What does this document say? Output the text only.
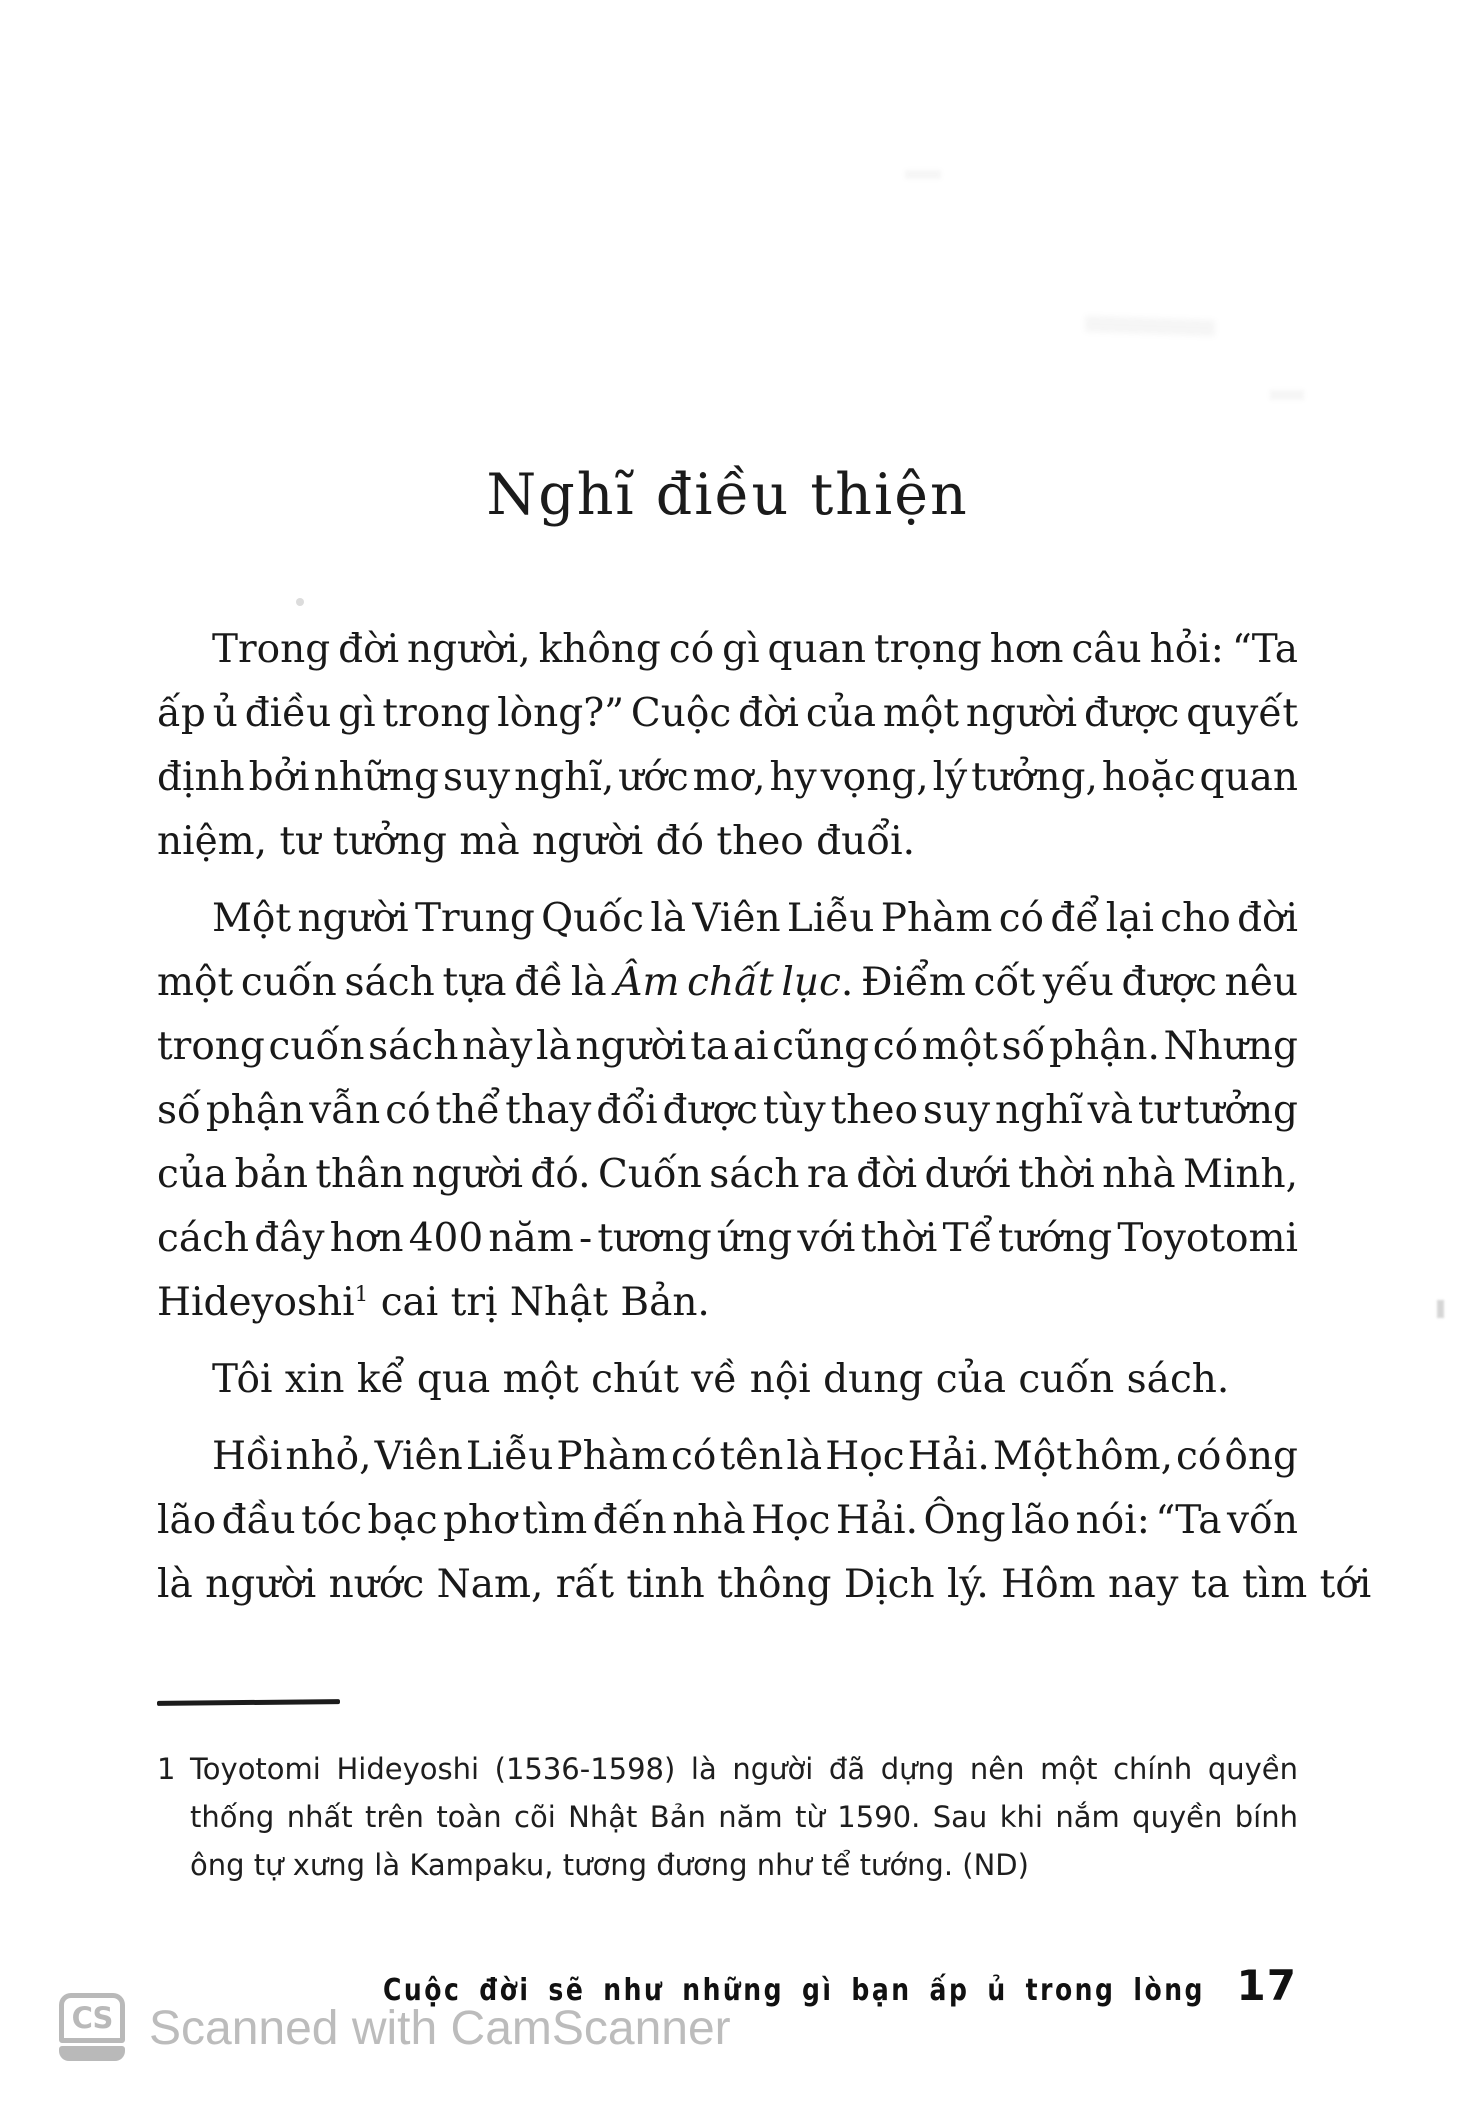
Nghĩ điều thiện
Trong đời người, không có gì quan trọng hơn câu hỏi: “Ta
ấp ủ điều gì trong lòng?” Cuộc đời của một người được quyết
định bởi những suy nghĩ, ước mơ, hy vọng, lý tưởng, hoặc quan
niệm, tư tưởng mà người đó theo đuổi.
Một người Trung Quốc là Viên Liễu Phàm có để lại cho đời
một cuốn sách tựa đề là Âm chất lục. Điểm cốt yếu được nêu
trong cuốn sách này là người ta ai cũng có một số phận. Nhưng
số phận vẫn có thể thay đổi được tùy theo suy nghĩ và tư tưởng
của bản thân người đó. Cuốn sách ra đời dưới thời nhà Minh,
cách đây hơn 400 năm - tương ứng với thời Tể tướng Toyotomi
Hideyoshi$^1$ cai trị Nhật Bản.
Tôi xin kể qua một chút về nội dung của cuốn sách.
Hồi nhỏ, Viên Liễu Phàm có tên là Học Hải. Một hôm, có ông
lão đầu tóc bạc phơ tìm đến nhà Học Hải. Ông lão nói: “Ta vốn
là người nước Nam, rất tinh thông Dịch lý. Hôm nay ta tìm tới
1 Toyotomi Hideyoshi (1536-1598) là người đã dựng nên một chính quyền
thống nhất trên toàn cõi Nhật Bản năm từ 1590. Sau khi nắm quyền bính
ông tự xưng là Kampaku, tương đương như tể tướng. (ND)
Cuộc đời sẽ như những gì bạn ấp ủ trong lòng 17
CS Scanned with CamScanner
